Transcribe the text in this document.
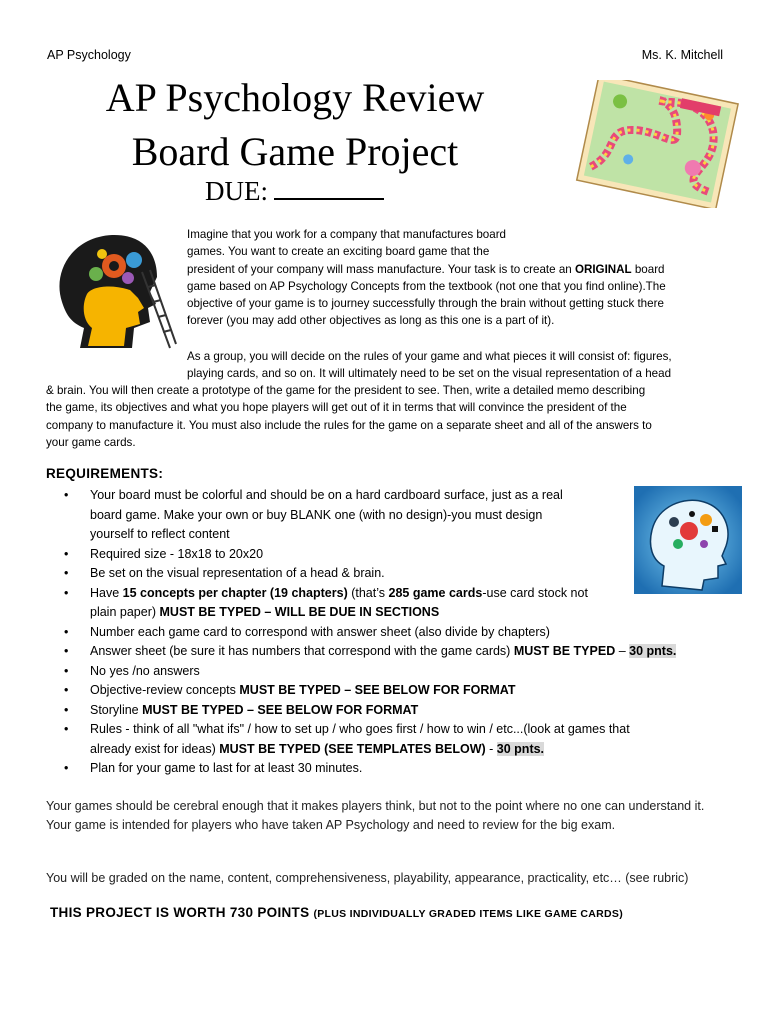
AP Psychology	Ms. K. Mitchell
AP Psychology Review
Board Game Project
DUE:
Imagine that you work for a company that manufactures board
games. You want to create an exciting board game that the
president of your company will mass manufacture. Your task is to create an ORIGINAL board
game based on AP Psychology Concepts from the textbook (not one that you find online).The
objective of your game is to journey successfully through the brain without getting stuck there
forever (you may add other objectives as long as this one is a part of it).
As a group, you will decide on the rules of your game and what pieces it will consist of: figures,
playing cards, and so on. It will ultimately need to be set on the visual representation of a head
& brain. You will then create a prototype of the game for the president to see. Then, write a detailed memo describing
the game, its objectives and what you hope players will get out of it in terms that will convince the president of the
company to manufacture it. You must also include the rules for the game on a separate sheet and all of the answers to
your game cards.
REQUIREMENTS:
• Your board must be colorful and should be on a hard cardboard surface, just as a real
board game. Make your own or buy BLANK one (with no design)-you must design
yourself to reflect content
• Required size - 18x18 to 20x20
• Be set on the visual representation of a head & brain.
• Have 15 concepts per chapter (19 chapters) (that’s 285 game cards-use card stock not
plain paper) MUST BE TYPED – WILL BE DUE IN SECTIONS
• Number each game card to correspond with answer sheet (also divide by chapters)
• Answer sheet (be sure it has numbers that correspond with the game cards) MUST BE TYPED – 30 pnts.
• No yes /no answers
• Objective-review concepts MUST BE TYPED – SEE BELOW FOR FORMAT
• Storyline MUST BE TYPED – SEE BELOW FOR FORMAT
• Rules - think of all "what ifs" / how to set up / who goes first / how to win / etc...(look at games that
already exist for ideas) MUST BE TYPED (SEE TEMPLATES BELOW) - 30 pnts.
• Plan for your game to last for at least 30 minutes.
Your games should be cerebral enough that it makes players think, but not to the point where no one can understand it. Your game is intended for players who have taken AP Psychology and need to review for the big exam.
You will be graded on the name, content, comprehensiveness, playability, appearance, practicality, etc… (see rubric)
THIS PROJECT IS WORTH 730 POINTS (PLUS INDIVIDUALLY GRADED ITEMS LIKE GAME CARDS)
